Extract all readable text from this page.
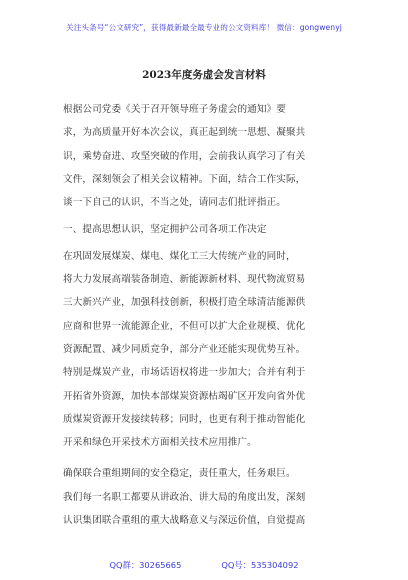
关注头条号“公文研究”，获得最新最全最专业的公文资料库！ 微信：gongwenyj
2023年度务虚会发言材料
根据公司党委《关于召开领导班子务虚会的通知》要
求，为高质量开好本次会议，真正起到统一思想、凝聚共
识，乘势奋进、攻坚突破的作用，会前我认真学习了有关
文件，深刻领会了相关会议精神。下面，结合工作实际，
谈一下自己的认识，不当之处，请同志们批评指正。
一、提高思想认识，坚定拥护公司各项工作决定
在巩固发展煤炭、煤电、煤化工三大传统产业的同时，
将大力发展高端装备制造、新能源新材料、现代物流贸易
三大新兴产业，加强科技创新，积极打造全球清洁能源供
应商和世界一流能源企业，不但可以扩大企业规模、优化
资源配置、减少同质竞争，部分产业还能实现优势互补。
特别是煤炭产业，市场话语权将进一步加大；合并有利于
开拓省外资源，加快本部煤炭资源枯竭矿区开发向省外优
质煤炭资源开发接续转移；同时，也更有利于推动智能化
开采和绿色开采技术方面相关技术应用推广。
确保联合重组期间的安全稳定，责任重大，任务艰巨。
我们每一名职工都要从讲政治、讲大局的角度出发，深刻
认识集团联合重组的重大战略意义与深远价值，自觉提高
QQ群：30265665	QQ号：535304092
